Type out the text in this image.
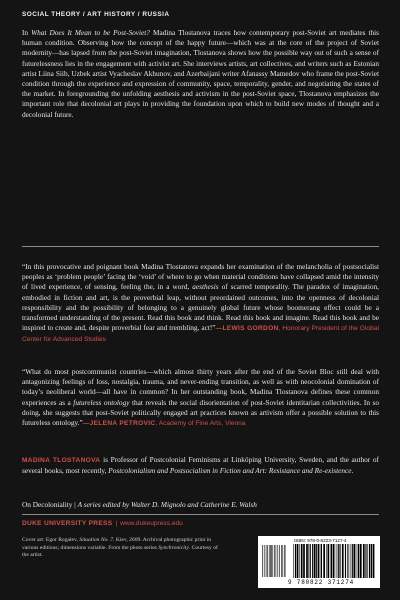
SOCIAL THEORY / ART HISTORY / RUSSIA

In What Does It Mean to be Post-Soviet? Madina Tlostanova traces how contemporary post-Soviet art mediates this human condition. Observing how the concept of the happy future—which was at the core of the project of Soviet modernity—has lapsed from the post-Soviet imagination, Tlostanova shows how the possible way out of such a sense of futurelessness lies in the engagement with activist art. She interviews artists, art collectives, and writers such as Estonian artist Liina Siib, Uzbek artist Vyacheslav Akhunov, and Azerbaijani writer Afanassy Mamedov who frame the post-Soviet condition through the experience and expression of community, space, temporality, gender, and negotiating the states of the market. In foregrounding the unfolding aesthesis and activism in the post-Soviet space, Tlostanova emphasizes the important role that decolonial art plays in providing the foundation upon which to build new modes of thought and a decolonial future.

“In this provocative and poignant book Madina Tlostanova expands her examination of the melancholia of postsocialist peoples as ‘problem people’ facing the ‘void’ of where to go when material conditions have collapsed amid the intensity of lived experience, of sensing, feeling the, in a word, aesthesis of scarred temporality. The paradox of imagination, embodied in fiction and art, is the proverbial leap, without preordained outcomes, into the openness of decolonial responsibility and the possibility of belonging to a genuinely global future whose boomerang effect could be a transformed understanding of the present. Read this book and think. Read this book and imagine. Read this book and be inspired to create and, despite proverbial fear and trembling, act!”—LEWIS GORDON, Honorary President of the Global Center for Advanced Studies

“What do most postcommunist countries—which almost thirty years after the end of the Soviet Bloc still deal with antagonizing feelings of loss, nostalgia, trauma, and never-ending transition, as well as with neocolonial domination of today’s neoliberal world—all have in common? In her outstanding book, Madina Tlostanova defines these common experiences as a futureless ontology that reveals the social disorientation of post-Soviet identitarian collectivities. In so doing, she suggests that post-Soviet politically engaged art practices known as artivism offer a possible solution to this futureless ontology.”—JELENA PETROVIC, Academy of Fine Arts, Vienna

MADINA TLOSTANOVA is Professor of Postcolonial Feminisms at Linköping University, Sweden, and the author of several books, most recently, Postcolonialism and Postsocialism in Fiction and Art: Resistance and Re-existence.

On Decoloniality | A series edited by Walter D. Mignolo and Catherine E. Walsh

DUKE UNIVERSITY PRESS | www.dukeupress.edu

Cover art: Egor Rogalev, Situation No. 7. Kiev, 2009. Archival photographic print in various editions; dimensions variable. From the photo series Synchronicity. Courtesy of the artist.

ISBN: 978-0-8223-7127-4
9 780822 371274
